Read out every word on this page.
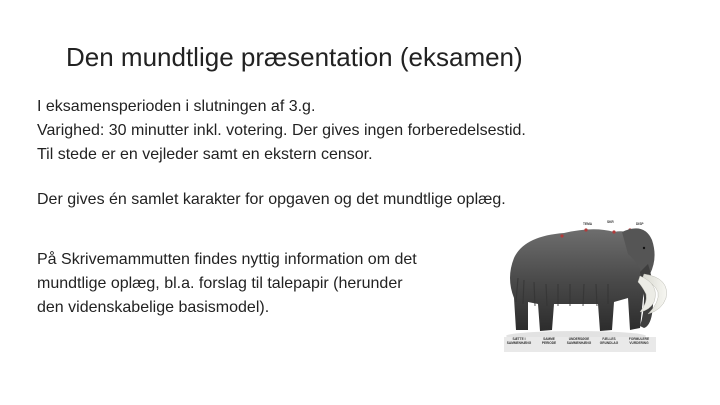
Den mundtlige præsentation (eksamen)
I eksamensperioden i slutningen af 3.g.
Varighed: 30 minutter inkl. votering. Der gives ingen forberedelsestid.
Til stede er en vejleder samt en ekstern censor.
Der gives én samlet karakter for opgaven og det mundtlige oplæg.
På Skrivemammutten findes nyttig information om det
mundtlige oplæg, bl.a. forslag til talepapir (herunder
den videnskabelige basismodel).
TEMA	SKR	DISP
SÆTTE I SAMMENHÆNG
SAMME PERIODE
UNDERSØGE SAMMENHÆNG
FÆLLES GRUNDLAG
FORMULERE VURDERING
